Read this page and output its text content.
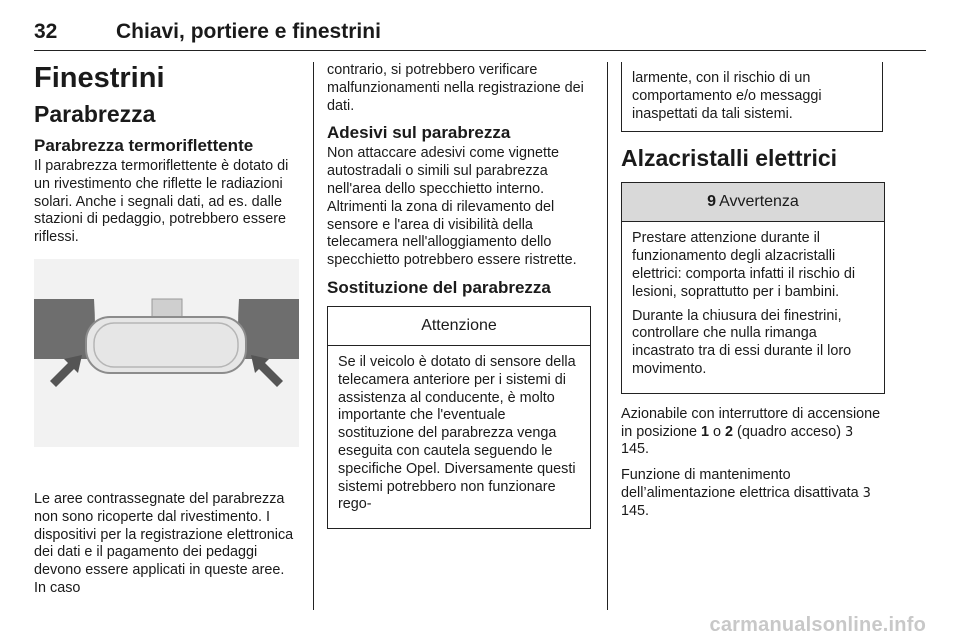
32	Chiavi, portiere e finestrini
Finestrini
Parabrezza
Parabrezza termoriflettente

Il parabrezza termoriflettente è dotato di un rivestimento che riflette le radiazioni solari. Anche i segnali dati, ad es. dalle stazioni di pedaggio, potrebbero essere riflessi.

Le aree contrassegnate del parabrezza non sono ricoperte dal rivestimento. I dispositivi per la registrazione elettronica dei dati e il pagamento dei pedaggi devono essere applicati in queste aree. In caso

contrario, si potrebbero verificare malfunzionamenti nella registrazione dei dati.

Adesivi sul parabrezza

Non attaccare adesivi come vignette autostradali o simili sul parabrezza nell'area dello specchietto interno. Altrimenti la zona di rilevamento del sensore e l'area di visibilità della telecamera nell'alloggiamento dello specchietto potrebbero essere ristrette.

Sostituzione del parabrezza
Attenzione

Se il veicolo è dotato di sensore della telecamera anteriore per i sistemi di assistenza al conducente, è molto importante che l'eventuale sostituzione del parabrezza venga eseguita con cautela seguendo le specifiche Opel. Diversamente questi sistemi potrebbero non funzionare rego-

larmente, con il rischio di un comportamento e/o messaggi inaspettati da tali sistemi.

Alzacristalli elettrici
9 Avvertenza

Prestare attenzione durante il funzionamento degli alzacristalli elettrici: comporta infatti il rischio di lesioni, soprattutto per i bambini.

Durante la chiusura dei finestrini, controllare che nulla rimanga incastrato tra di essi durante il loro movimento.

Azionabile con interruttore di accensione in posizione 1 o 2 (quadro acceso) 3 145.

Funzione di mantenimento dell’alimentazione elettrica disattivata 3 145.

carmanualsonline.info
